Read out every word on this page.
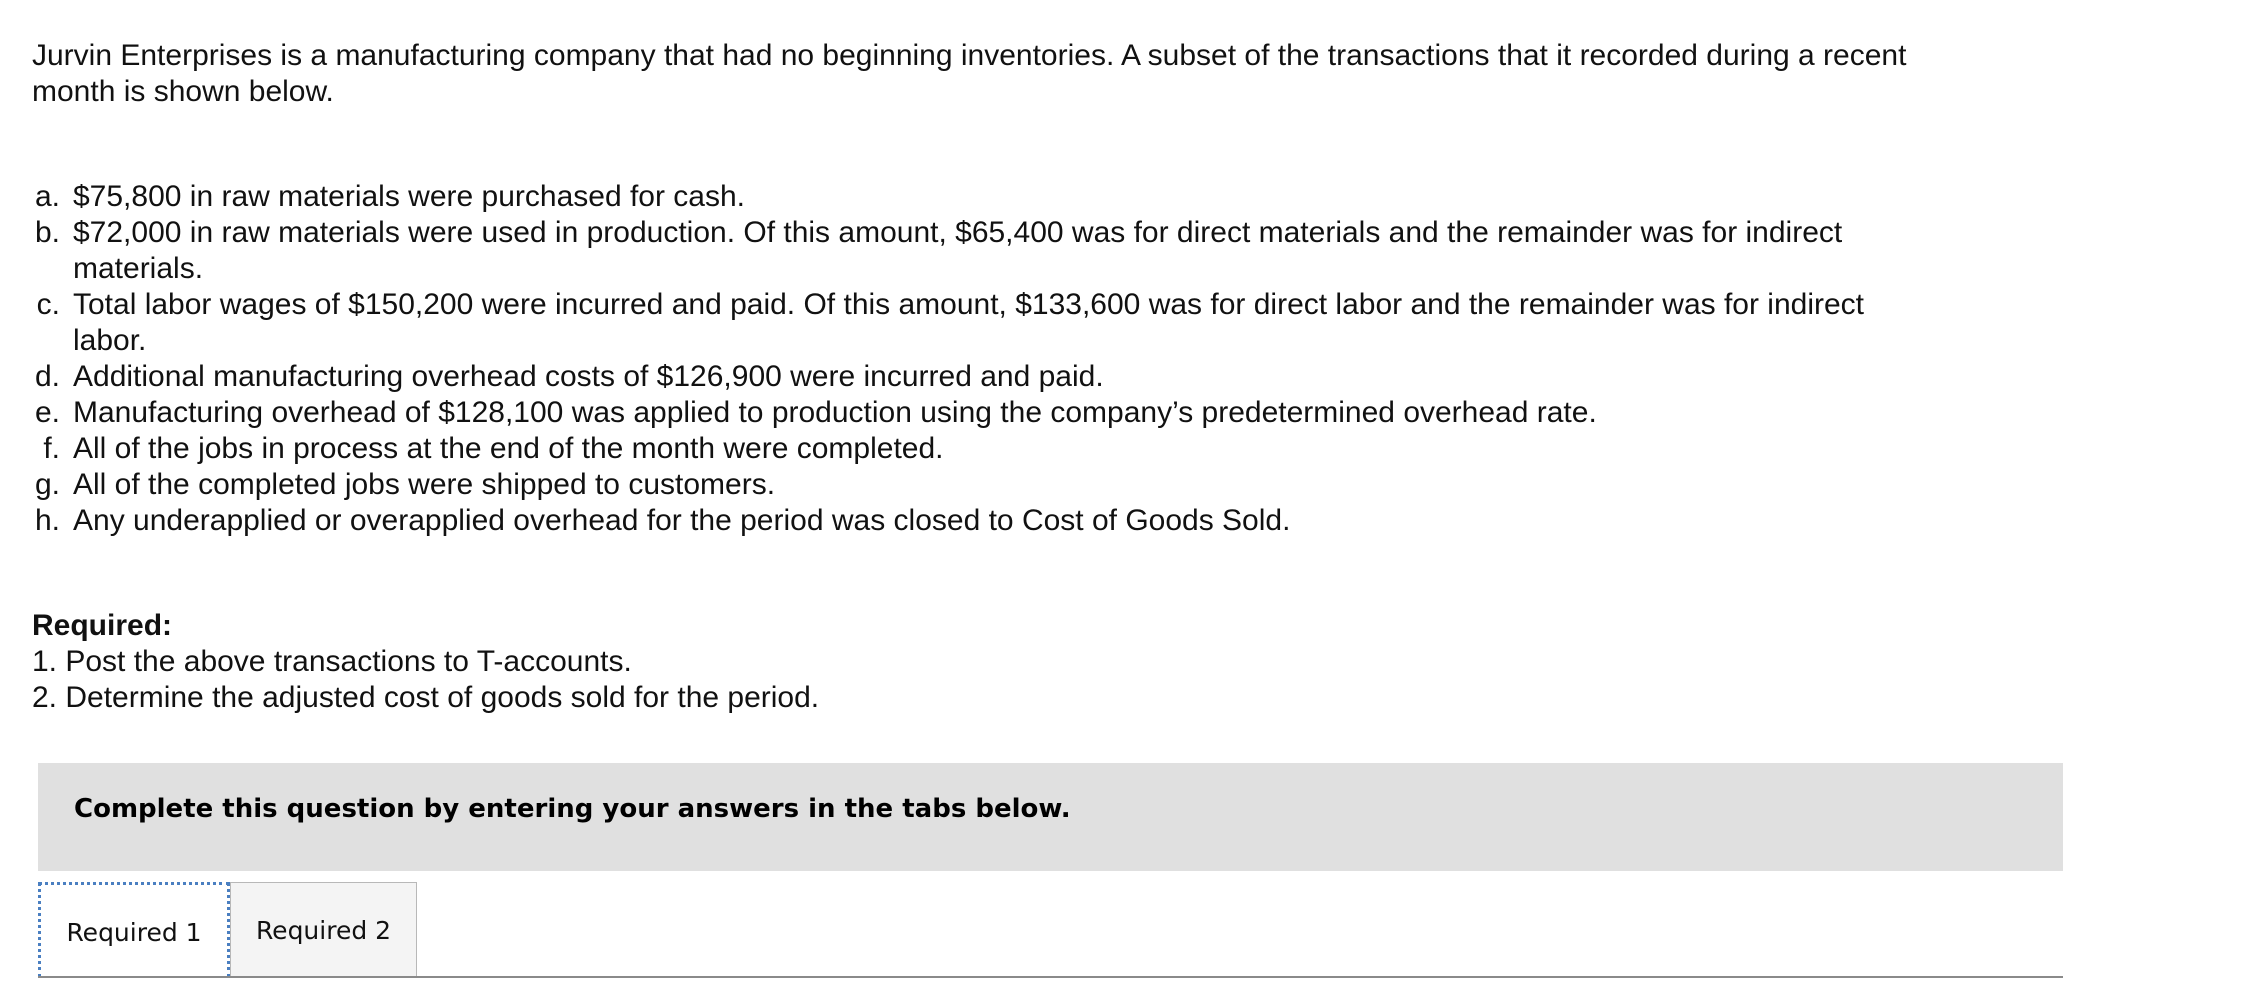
Jurvin Enterprises is a manufacturing company that had no beginning inventories. A subset of the transactions that it recorded during a recent month is shown below.

a. $75,800 in raw materials were purchased for cash.
b. $72,000 in raw materials were used in production. Of this amount, $65,400 was for direct materials and the remainder was for indirect materials.
c. Total labor wages of $150,200 were incurred and paid. Of this amount, $133,600 was for direct labor and the remainder was for indirect labor.
d. Additional manufacturing overhead costs of $126,900 were incurred and paid.
e. Manufacturing overhead of $128,100 was applied to production using the company’s predetermined overhead rate.
f. All of the jobs in process at the end of the month were completed.
g. All of the completed jobs were shipped to customers.
h. Any underapplied or overapplied overhead for the period was closed to Cost of Goods Sold.

Required:

1. Post the above transactions to T-accounts.

2. Determine the adjusted cost of goods sold for the period.

Complete this question by entering your answers in the tabs below.
Required 1	Required 2
